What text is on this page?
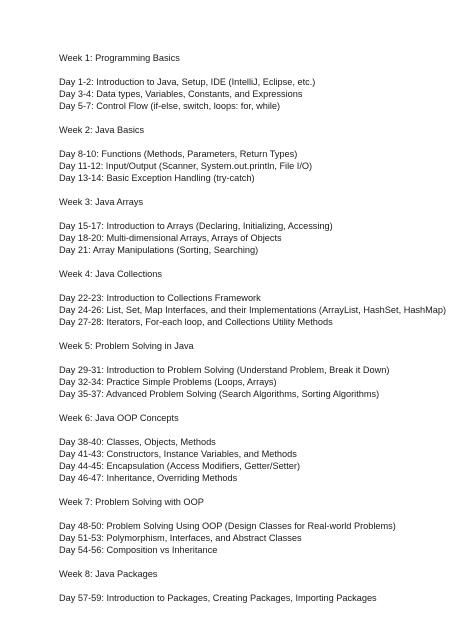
Week 1: Programming Basics
Day 1-2: Introduction to Java, Setup, IDE (IntelliJ, Eclipse, etc.)
Day 3-4: Data types, Variables, Constants, and Expressions
Day 5-7: Control Flow (if-else, switch, loops: for, while)
Week 2: Java Basics
Day 8-10: Functions (Methods, Parameters, Return Types)
Day 11-12: Input/Output (Scanner, System.out.println, File I/O)
Day 13-14: Basic Exception Handling (try-catch)
Week 3: Java Arrays
Day 15-17: Introduction to Arrays (Declaring, Initializing, Accessing)
Day 18-20: Multi-dimensional Arrays, Arrays of Objects
Day 21: Array Manipulations (Sorting, Searching)
Week 4: Java Collections
Day 22-23: Introduction to Collections Framework
Day 24-26: List, Set, Map Interfaces, and their Implementations (ArrayList, HashSet, HashMap)
Day 27-28: Iterators, For-each loop, and Collections Utility Methods
Week 5: Problem Solving in Java
Day 29-31: Introduction to Problem Solving (Understand Problem, Break it Down)
Day 32-34: Practice Simple Problems (Loops, Arrays)
Day 35-37: Advanced Problem Solving (Search Algorithms, Sorting Algorithms)
Week 6: Java OOP Concepts
Day 38-40: Classes, Objects, Methods
Day 41-43: Constructors, Instance Variables, and Methods
Day 44-45: Encapsulation (Access Modifiers, Getter/Setter)
Day 46-47: Inheritance, Overriding Methods
Week 7: Problem Solving with OOP
Day 48-50: Problem Solving Using OOP (Design Classes for Real-world Problems)
Day 51-53: Polymorphism, Interfaces, and Abstract Classes
Day 54-56: Composition vs Inheritance
Week 8: Java Packages
Day 57-59: Introduction to Packages, Creating Packages, Importing Packages
